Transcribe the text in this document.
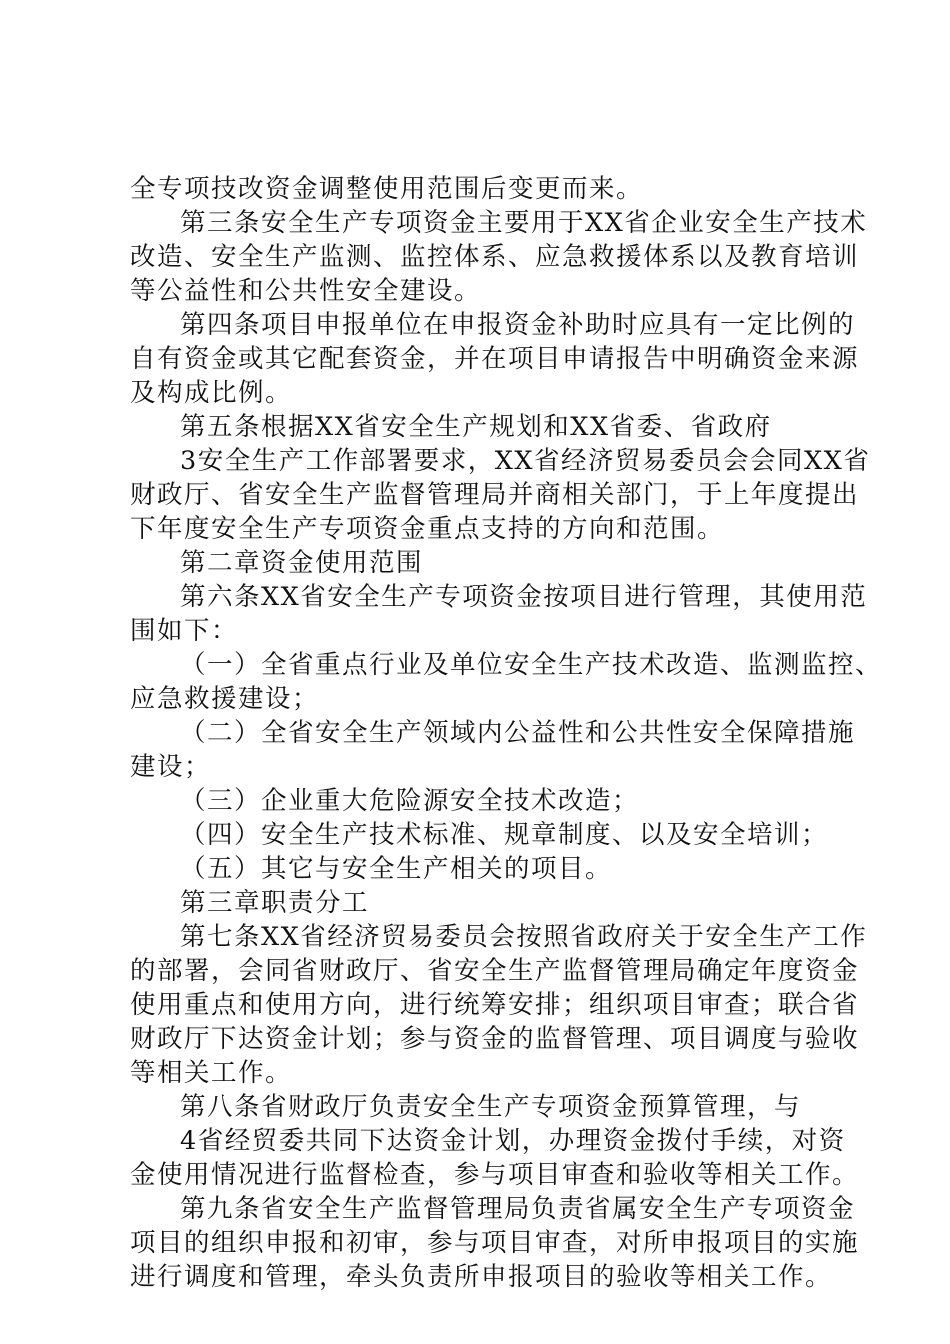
全专项技改资金调整使用范围后变更而来。
第三条安全生产专项资金主要用于XX省企业安全生产技术
改造、安全生产监测、监控体系、应急救援体系以及教育培训
等公益性和公共性安全建设。
第四条项目申报单位在申报资金补助时应具有一定比例的
自有资金或其它配套资金，并在项目申请报告中明确资金来源
及构成比例。
第五条根据XX省安全生产规划和XX省委、省政府
3安全生产工作部署要求，XX省经济贸易委员会会同XX省
财政厅、省安全生产监督管理局并商相关部门，于上年度提出
下年度安全生产专项资金重点支持的方向和范围。
第二章资金使用范围
第六条XX省安全生产专项资金按项目进行管理，其使用范
围如下：
（一）全省重点行业及单位安全生产技术改造、监测监控、
应急救援建设；
（二）全省安全生产领域内公益性和公共性安全保障措施
建设；
（三）企业重大危险源安全技术改造；
（四）安全生产技术标准、规章制度、以及安全培训；
（五）其它与安全生产相关的项目。
第三章职责分工
第七条XX省经济贸易委员会按照省政府关于安全生产工作
的部署，会同省财政厅、省安全生产监督管理局确定年度资金
使用重点和使用方向，进行统筹安排；组织项目审查；联合省
财政厅下达资金计划；参与资金的监督管理、项目调度与验收
等相关工作。
第八条省财政厅负责安全生产专项资金预算管理，与
4省经贸委共同下达资金计划，办理资金拨付手续，对资
金使用情况进行监督检查，参与项目审查和验收等相关工作。
第九条省安全生产监督管理局负责省属安全生产专项资金
项目的组织申报和初审，参与项目审查，对所申报项目的实施
进行调度和管理，牵头负责所申报项目的验收等相关工作。
